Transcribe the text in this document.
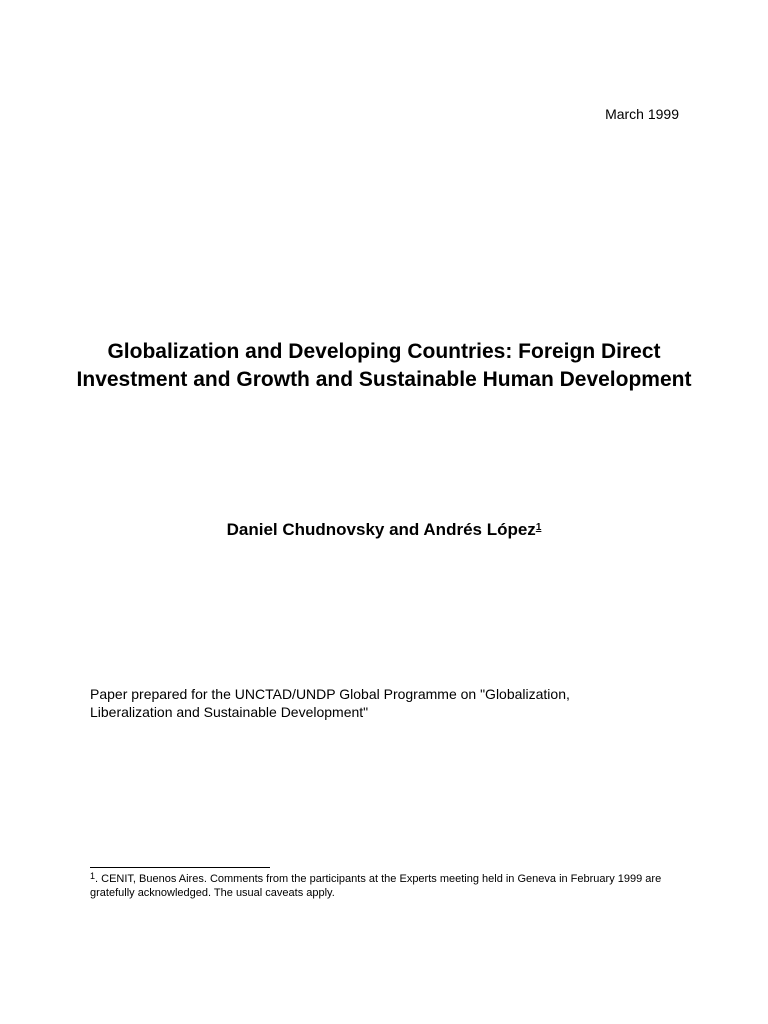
March 1999
Globalization and Developing Countries: Foreign Direct Investment and Growth and Sustainable Human Development
Daniel Chudnovsky and Andrés López$^1$
Paper prepared for the UNCTAD/UNDP Global Programme on "Globalization, Liberalization and Sustainable Development"
$^1$. CENIT, Buenos Aires. Comments from the participants at the Experts meeting held in Geneva in February 1999 are gratefully acknowledged. The usual caveats apply.
